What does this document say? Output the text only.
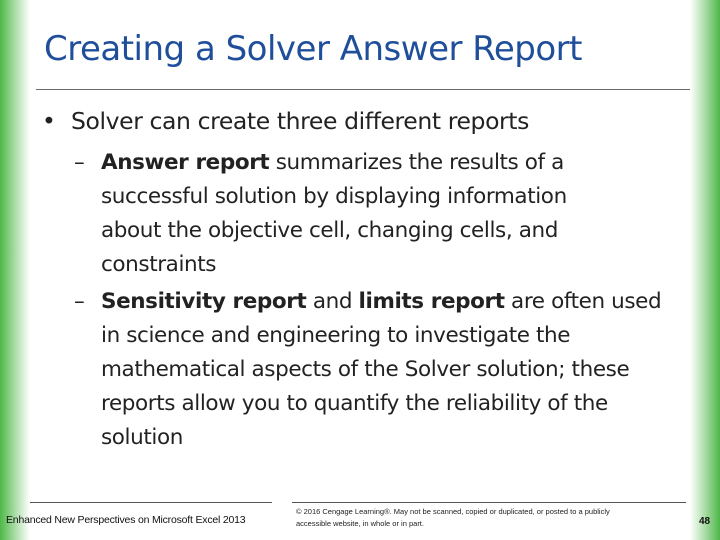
Creating a Solver Answer Report
• Solver can create three different reports
– Answer report summarizes the results of a
successful solution by displaying information
about the objective cell, changing cells, and
constraints
– Sensitivity report and limits report are often used
in science and engineering to investigate the
mathematical aspects of the Solver solution; these
reports allow you to quantify the reliability of the
solution
Enhanced New Perspectives on Microsoft Excel 2013
© 2016 Cengage Learning®. May not be scanned, copied or duplicated, or posted to a publicly
accessible website, in whole or in part.	48
